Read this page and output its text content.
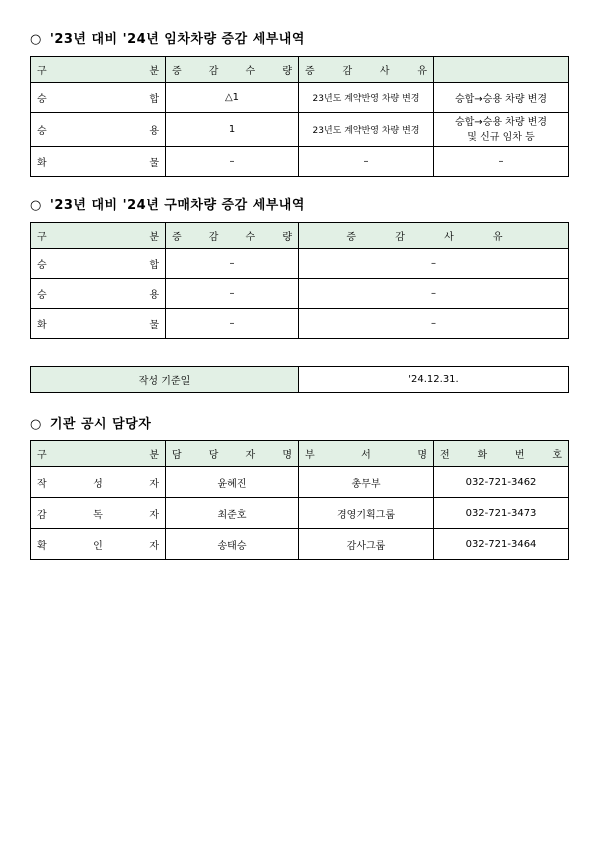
○ '23년 대비 '24년 임차차량 증감 세부내역
구 분	증 감 수 량	증 감 사 유	
승 합	△1	23년도 계약반영 차량 변경	승합→승용 차량 변경
승 용	1	23년도 계약반영 차량 변경	승합→승용 차량 변경
및 신규 임차 등

화 물	–	–	–
○ '23년 대비 '24년 구매차량 증감 세부내역
구 분	증 감 수 량	증 감 사 유
승 합	–	–
승 용	–	–
화 물	–	–
작성 기준일	'24.12.31.
○ 기관 공시 담당자
구 분	담 당 자 명	부 서 명	전 화 번 호
작 성 자	윤혜진	총무부	032-721-3462
감 독 자	최준호	경영기획그룹	032-721-3473
확 인 자	송태승	감사그룹	032-721-3464
